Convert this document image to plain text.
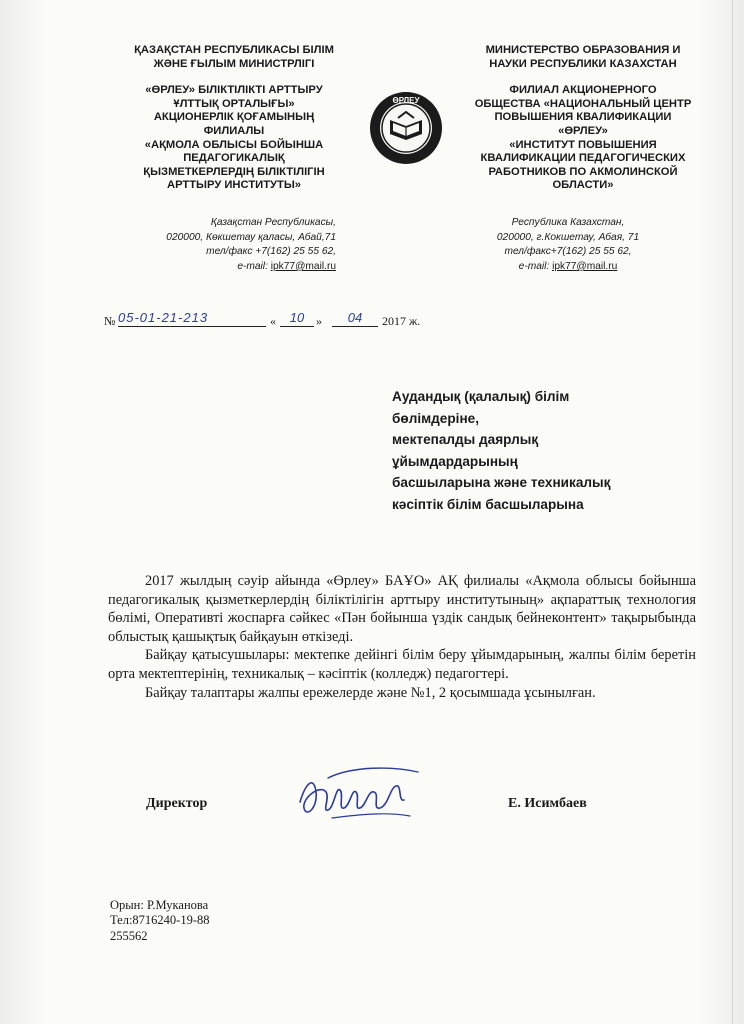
ҚАЗАҚСТАН РЕСПУБЛИКАСЫ БІЛІМ
ЖӘНЕ ҒЫЛЫМ МИНИСТРЛІГІ
«ӨРЛЕУ» БІЛІКТІЛІКТІ АРТТЫРУ
ҰЛТТЫҚ ОРТАЛЫҒЫ»
АКЦИОНЕРЛІК ҚОҒАМЫНЫҢ
ФИЛИАЛЫ
«АҚМОЛА ОБЛЫСЫ БОЙЫНША
ПЕДАГОГИКАЛЫҚ
ҚЫЗМЕТКЕРЛЕРДІҢ БІЛІКТІЛІГІН
АРТТЫРУ ИНСТИТУТЫ»
Қазақстан Республикасы,
020000, Көкшетау қаласы, Абай,71
тел/факс +7(162) 25 55 62,
e-mail: ipk77@mail.ru
ӨРЛЕУ
МИНИСТЕРСТВО ОБРАЗОВАНИЯ И
НАУКИ РЕСПУБЛИКИ КАЗАХСТАН
ФИЛИАЛ АКЦИОНЕРНОГО
ОБЩЕСТВА «НАЦИОНАЛЬНЫЙ ЦЕНТР
ПОВЫШЕНИЯ КВАЛИФИКАЦИИ
«ӨРЛЕУ»
«ИНСТИТУТ ПОВЫШЕНИЯ
КВАЛИФИКАЦИИ ПЕДАГОГИЧЕСКИХ
РАБОТНИКОВ ПО АКМОЛИНСКОЙ
ОБЛАСТИ»
Республика Казахстан,
020000, г.Кокшетау, Абая, 71
тел/факс+7(162) 25 55 62,
e-mail: ipk77@mail.ru
№ 05-01-21-213	«	10 »	04	2017 ж.
Аудандық (қалалық) білім
бөлімдеріне,
мектепалды даярлық
ұйымдардарының
басшыларына және техникалық
кәсіптік білім басшыларына

2017 жылдың сәуір айында «Өрлеу» БАҰО» АҚ филиалы «Ақмола облысы бойынша педагогикалық қызметкерлердің біліктілігін арттыру институтының» ақпараттық технология бөлімі, Оперативті жоспарға сәйкес «Пән бойынша үздік сандық бейнеконтент» тақырыбында облыстық қашықтық байқауын өткізеді.

Байқау қатысушылары: мектепке дейінгі білім беру ұйымдарының, жалпы білім беретін орта мектептерінің, техникалық – кәсіптік (колледж) педагогтері.

Байқау талаптары жалпы ережелерде және №1, 2 қосымшада ұсынылған.

Директор	Е. Исимбаев
Орын: Р.Муканова
Тел:8716240-19-88
255562
